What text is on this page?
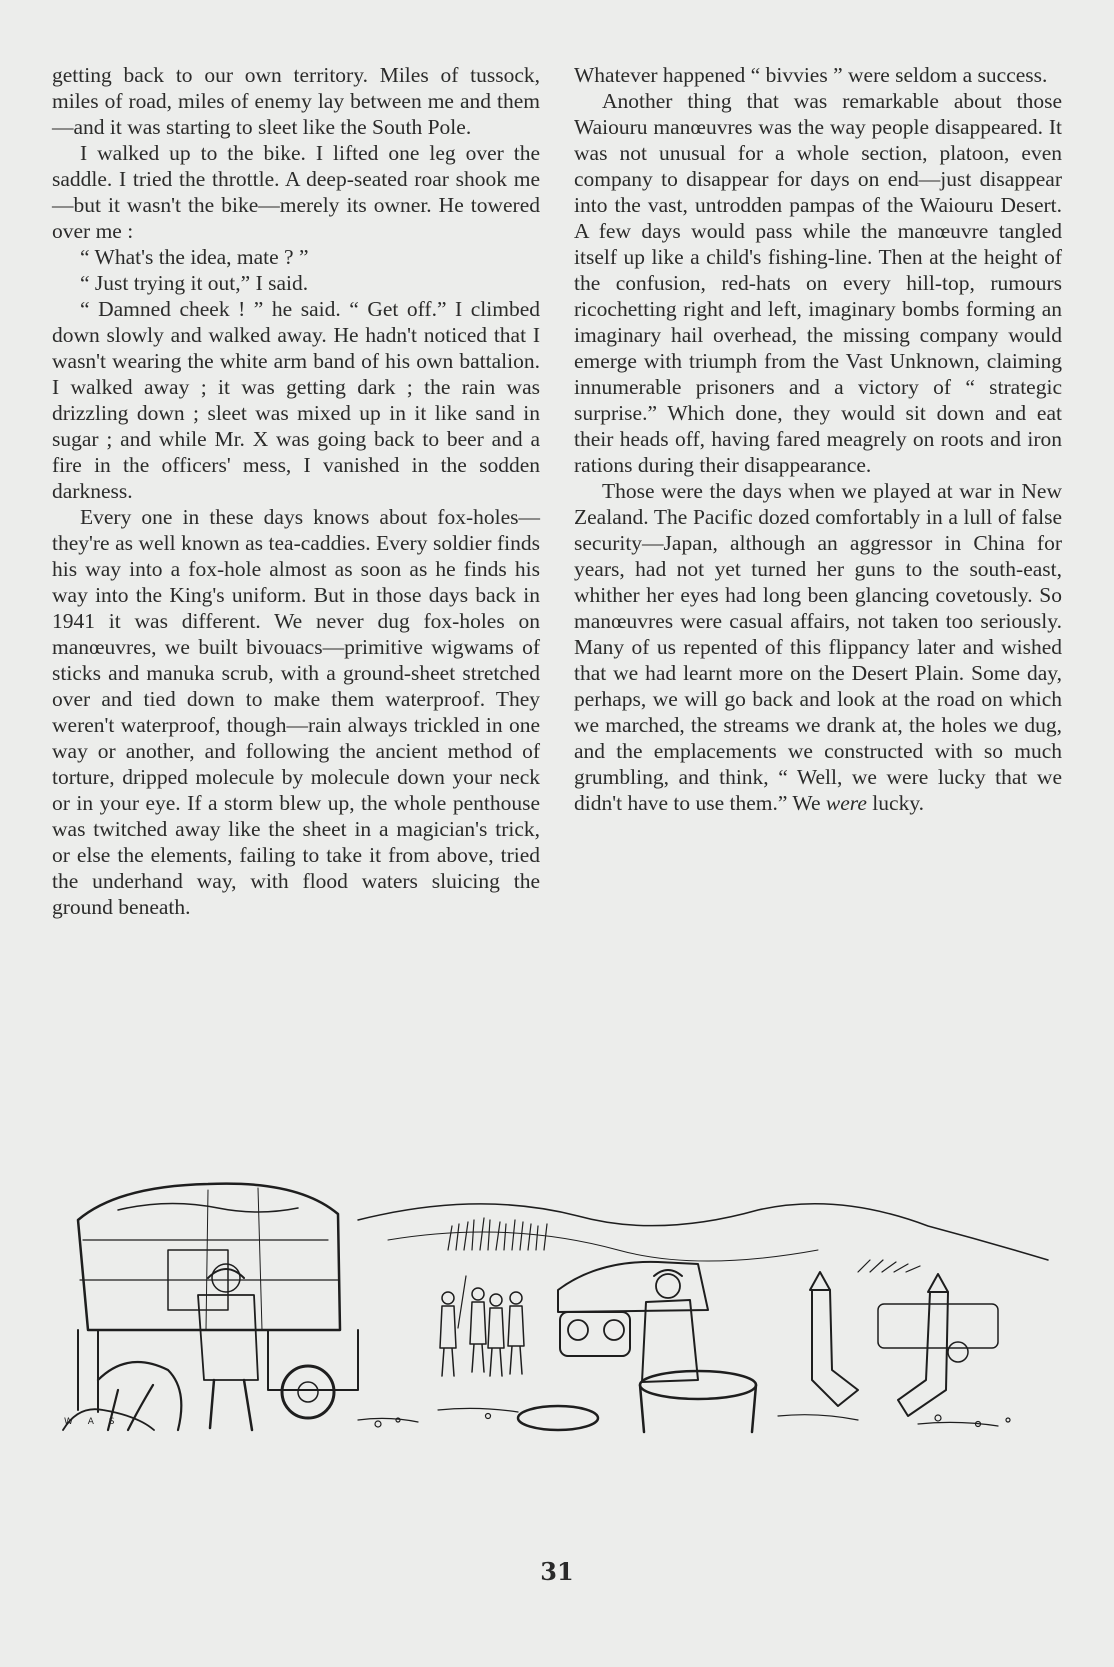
getting back to our own territory. Miles of tussock, miles of road, miles of enemy lay between me and them—and it was starting to sleet like the South Pole.

I walked up to the bike. I lifted one leg over the saddle. I tried the throttle. A deep-seated roar shook me—but it wasn't the bike—merely its owner. He towered over me :

“ What's the idea, mate ? ”

“ Just trying it out,” I said.

“ Damned cheek ! ” he said. “ Get off.” I climbed down slowly and walked away. He hadn't noticed that I wasn't wearing the white arm band of his own battalion. I walked away ; it was getting dark ; the rain was drizzling down ; sleet was mixed up in it like sand in sugar ; and while Mr. X was going back to beer and a fire in the officers' mess, I vanished in the sodden darkness.

Every one in these days knows about fox-holes—they're as well known as tea-caddies. Every soldier finds his way into a fox-hole almost as soon as he finds his way into the King's uniform. But in those days back in 1941 it was different. We never dug fox-holes on manœuvres, we built bivouacs—primitive wigwams of sticks and manuka scrub, with a ground-sheet stretched over and tied down to make them waterproof. They weren't waterproof, though—rain always trickled in one way or another, and following the ancient method of torture, dripped molecule by molecule down your neck or in your eye. If a storm blew up, the whole penthouse was twitched away like the sheet in a magician's trick, or else the elements, failing to take it from above, tried the underhand way, with flood waters sluicing the ground beneath.

Whatever happened “ bivvies ” were seldom a success.

Another thing that was remarkable about those Waiouru manœuvres was the way people disappeared. It was not unusual for a whole section, platoon, even company to disappear for days on end—just disappear into the vast, untrodden pampas of the Waiouru Desert. A few days would pass while the manœuvre tangled itself up like a child's fishing-line. Then at the height of the confusion, red-hats on every hill-top, rumours ricochetting right and left, imaginary bombs forming an imaginary hail overhead, the missing company would emerge with triumph from the Vast Unknown, claiming innumerable prisoners and a victory of “ strategic surprise.” Which done, they would sit down and eat their heads off, having fared meagrely on roots and iron rations during their disappearance.

Those were the days when we played at war in New Zealand. The Pacific dozed comfortably in a lull of false security—Japan, although an aggressor in China for years, had not yet turned her guns to the south-east, whither her eyes had long been glancing covetously. So manœuvres were casual affairs, not taken too seriously. Many of us repented of this flippancy later and wished that we had learnt more on the Desert Plain. Some day, perhaps, we will go back and look at the road on which we marched, the streams we drank at, the holes we dug, and the emplacements we constructed with so much grumbling, and think, “ Well, we were lucky that we didn't have to use them.” We were lucky.

W A S
31
